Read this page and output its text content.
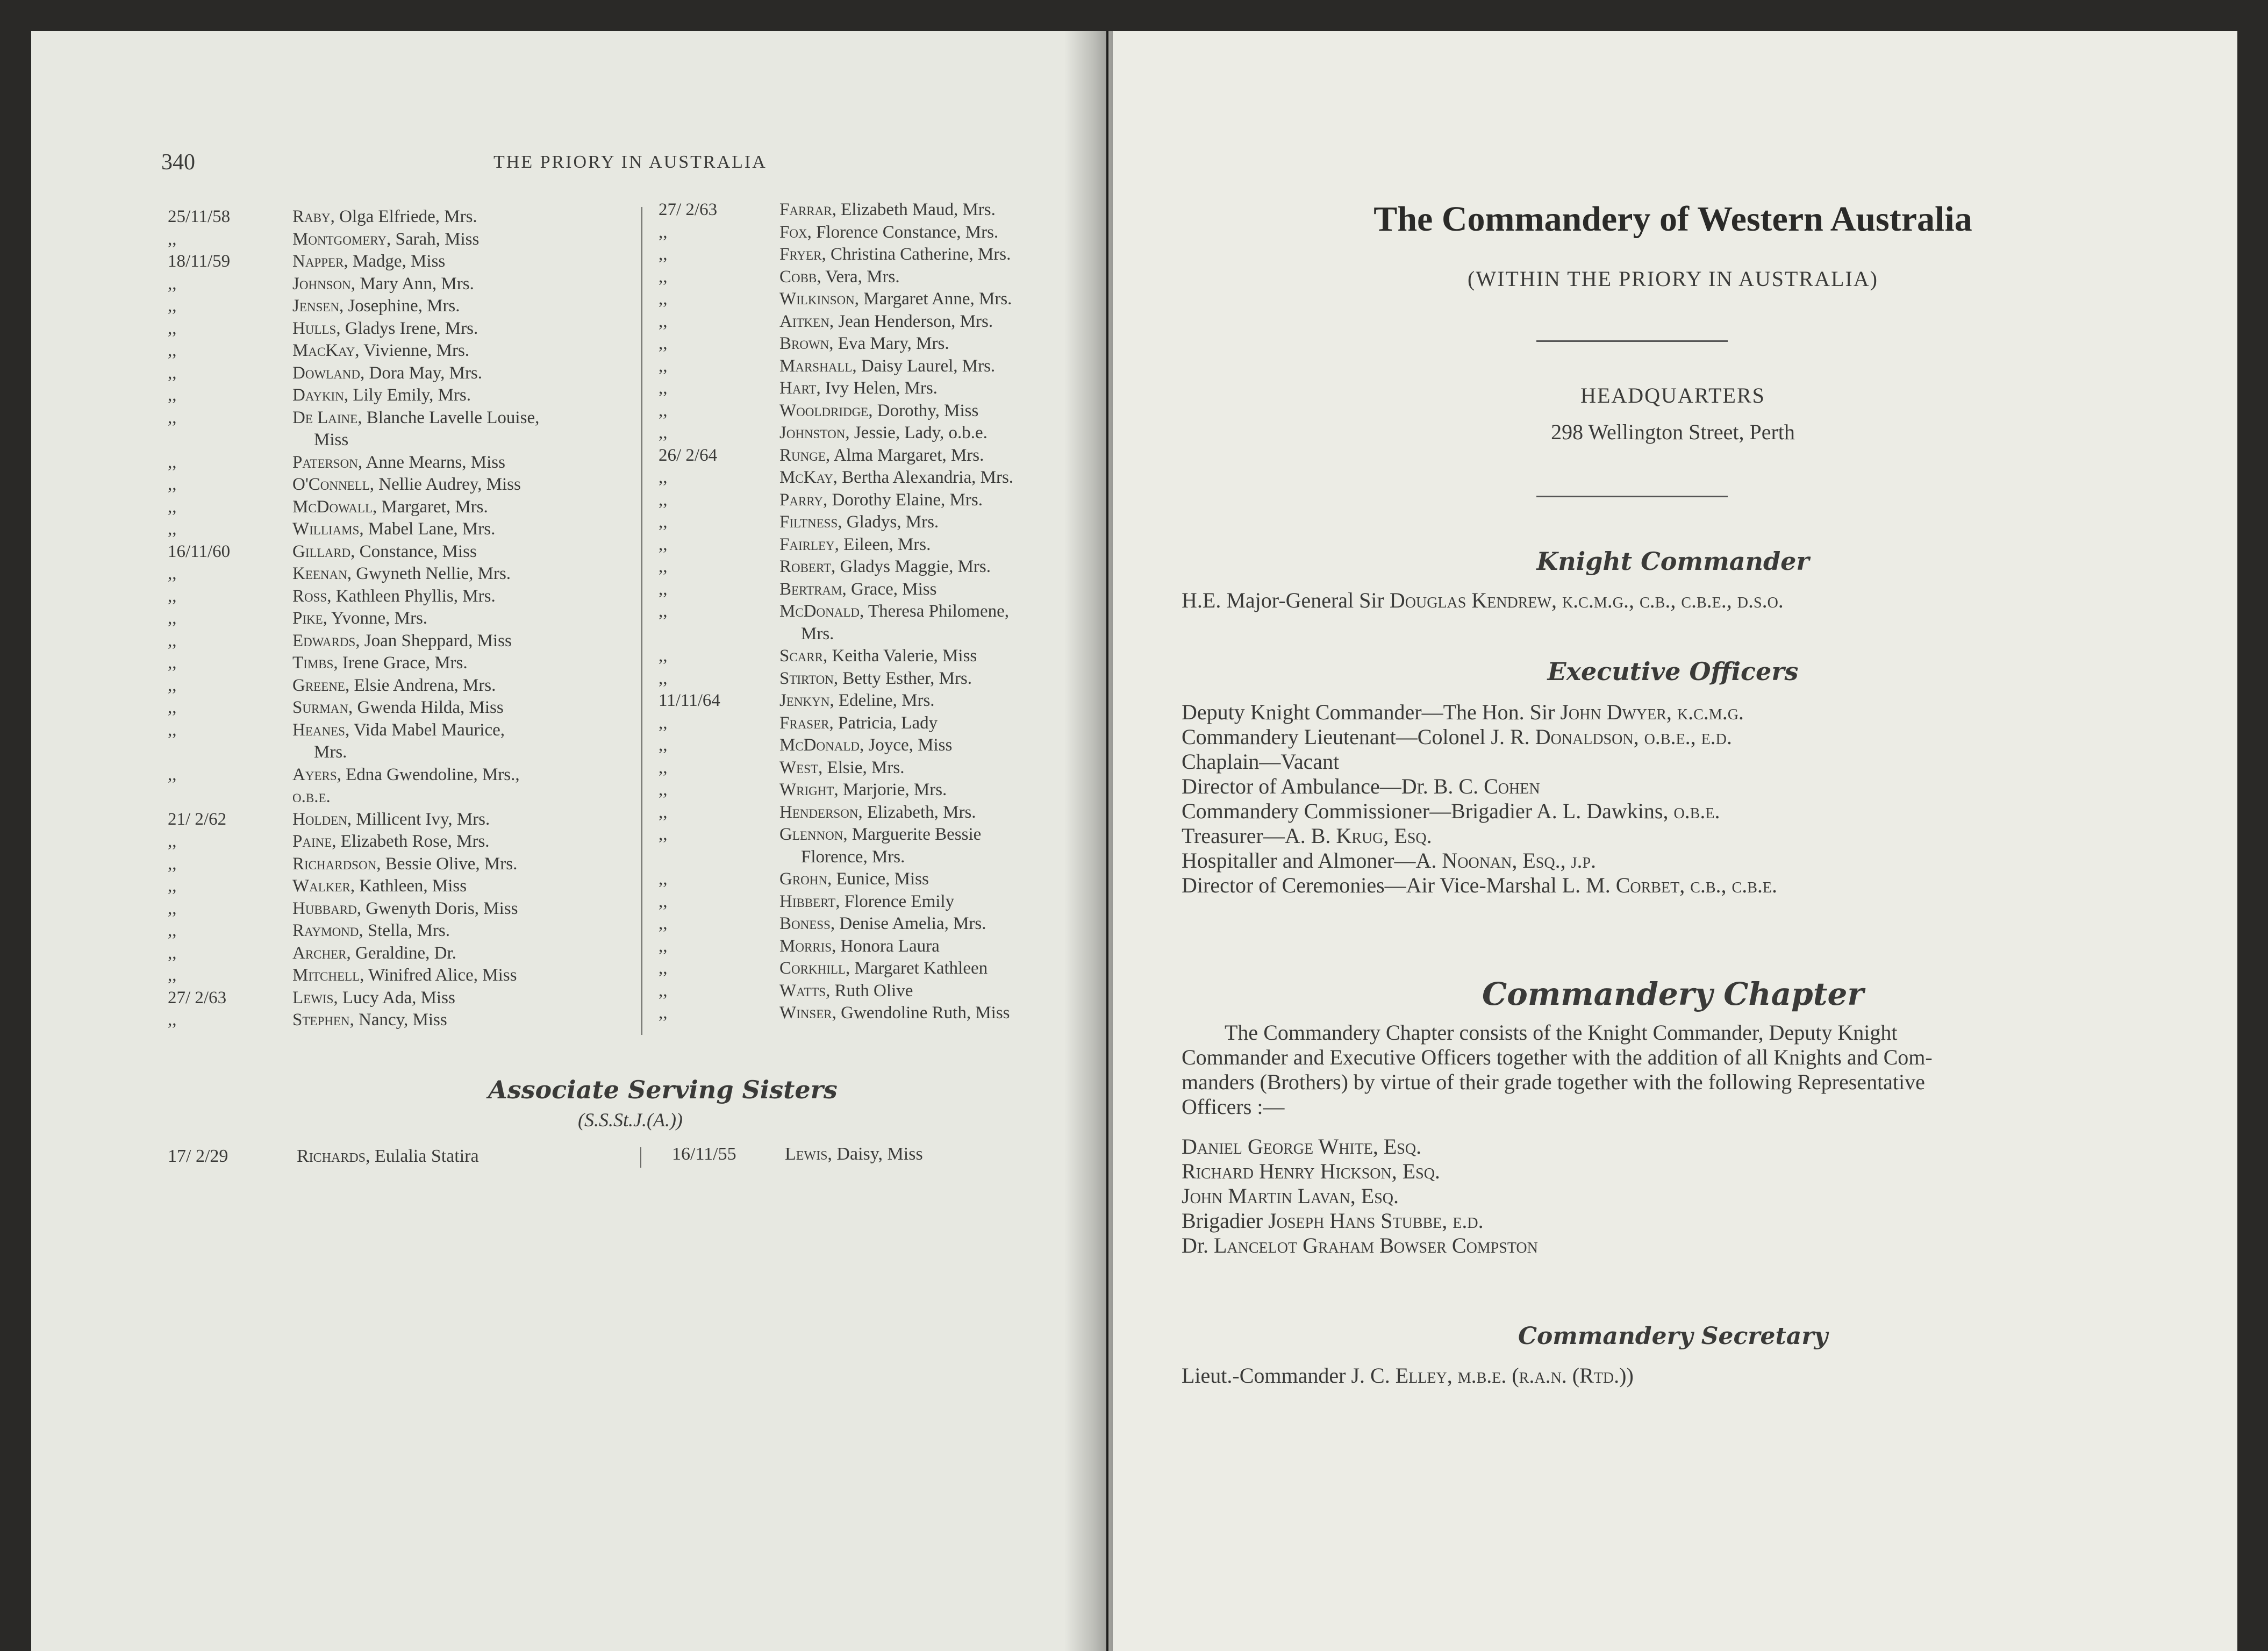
340	THE PRIORY IN AUSTRALIA
25/11/58	Raby, Olga Elfriede, Mrs.
,,	Montgomery, Sarah, Miss
18/11/59	Napper, Madge, Miss
,,	Johnson, Mary Ann, Mrs.
,,	Jensen, Josephine, Mrs.
,,	Hulls, Gladys Irene, Mrs.
,,	MacKay, Vivienne, Mrs.
,,	Dowland, Dora May, Mrs.
,,	Daykin, Lily Emily, Mrs.
,,	De Laine, Blanche Lavelle Louise,
Miss
,,	Paterson, Anne Mearns, Miss
,,	O'Connell, Nellie Audrey, Miss
,,	McDowall, Margaret, Mrs.
,,	Williams, Mabel Lane, Mrs.
16/11/60	Gillard, Constance, Miss
,,	Keenan, Gwyneth Nellie, Mrs.
,,	Ross, Kathleen Phyllis, Mrs.
,,	Pike, Yvonne, Mrs.
,,	Edwards, Joan Sheppard, Miss
,,	Timbs, Irene Grace, Mrs.
,,	Greene, Elsie Andrena, Mrs.
,,	Surman, Gwenda Hilda, Miss
,,	Heanes, Vida Mabel Maurice,
Mrs.
,,	Ayers, Edna Gwendoline, Mrs.,
o.b.e.
21/ 2/62	Holden, Millicent Ivy, Mrs.
,,	Paine, Elizabeth Rose, Mrs.
,,	Richardson, Bessie Olive, Mrs.
,,	Walker, Kathleen, Miss
,,	Hubbard, Gwenyth Doris, Miss
,,	Raymond, Stella, Mrs.
,,	Archer, Geraldine, Dr.
,,	Mitchell, Winifred Alice, Miss
27/ 2/63	Lewis, Lucy Ada, Miss
,,	Stephen, Nancy, Miss
27/ 2/63	Farrar, Elizabeth Maud, Mrs.
,,	Fox, Florence Constance, Mrs.
,,	Fryer, Christina Catherine, Mrs.
,,	Cobb, Vera, Mrs.
,,	Wilkinson, Margaret Anne, Mrs.
,,	Aitken, Jean Henderson, Mrs.
,,	Brown, Eva Mary, Mrs.
,,	Marshall, Daisy Laurel, Mrs.
,,	Hart, Ivy Helen, Mrs.
,,	Wooldridge, Dorothy, Miss
,,	Johnston, Jessie, Lady, o.b.e.
26/ 2/64	Runge, Alma Margaret, Mrs.
,,	McKay, Bertha Alexandria, Mrs.
,,	Parry, Dorothy Elaine, Mrs.
,,	Filtness, Gladys, Mrs.
,,	Fairley, Eileen, Mrs.
,,	Robert, Gladys Maggie, Mrs.
,,	Bertram, Grace, Miss
,,	McDonald, Theresa Philomene,
Mrs.
,,	Scarr, Keitha Valerie, Miss
,,	Stirton, Betty Esther, Mrs.
11/11/64	Jenkyn, Edeline, Mrs.
,,	Fraser, Patricia, Lady
,,	McDonald, Joyce, Miss
,,	West, Elsie, Mrs.
,,	Wright, Marjorie, Mrs.
,,	Henderson, Elizabeth, Mrs.
,,	Glennon, Marguerite Bessie
Florence, Mrs.
,,	Grohn, Eunice, Miss
,,	Hibbert, Florence Emily
,,	Boness, Denise Amelia, Mrs.
,,	Morris, Honora Laura
,,	Corkhill, Margaret Kathleen
,,	Watts, Ruth Olive
,,	Winser, Gwendoline Ruth, Miss
Associate Serving Sisters
(S.S.St.J.(A.))
17/ 2/29	Richards, Eulalia Statira	16/11/55	Lewis, Daisy, Miss
The Commandery of Western Australia
(WITHIN THE PRIORY IN AUSTRALIA)
HEADQUARTERS
298 Wellington Street, Perth
Knight Commander
H.E. Major-General Sir Douglas Kendrew, k.c.m.g., c.b., c.b.e., d.s.o.
Executive Officers
Deputy Knight Commander—The Hon. Sir John Dwyer, k.c.m.g.
Commandery Lieutenant—Colonel J. R. Donaldson, o.b.e., e.d.
Chaplain—Vacant
Director of Ambulance—Dr. B. C. Cohen
Commandery Commissioner—Brigadier A. L. Dawkins, o.b.e.
Treasurer—A. B. Krug, Esq.
Hospitaller and Almoner—A. Noonan, Esq., j.p.
Director of Ceremonies—Air Vice-Marshal L. M. Corbet, c.b., c.b.e.
Commandery Chapter
The Commandery Chapter consists of the Knight Commander, Deputy Knight
Commander and Executive Officers together with the addition of all Knights and Com-
manders (Brothers) by virtue of their grade together with the following Representative
Officers :—
Daniel George White, Esq.
Richard Henry Hickson, Esq.
John Martin Lavan, Esq.
Brigadier Joseph Hans Stubbe, e.d.
Dr. Lancelot Graham Bowser Compston
Commandery Secretary
Lieut.-Commander J. C. Elley, m.b.e. (r.a.n. (Rtd.))
